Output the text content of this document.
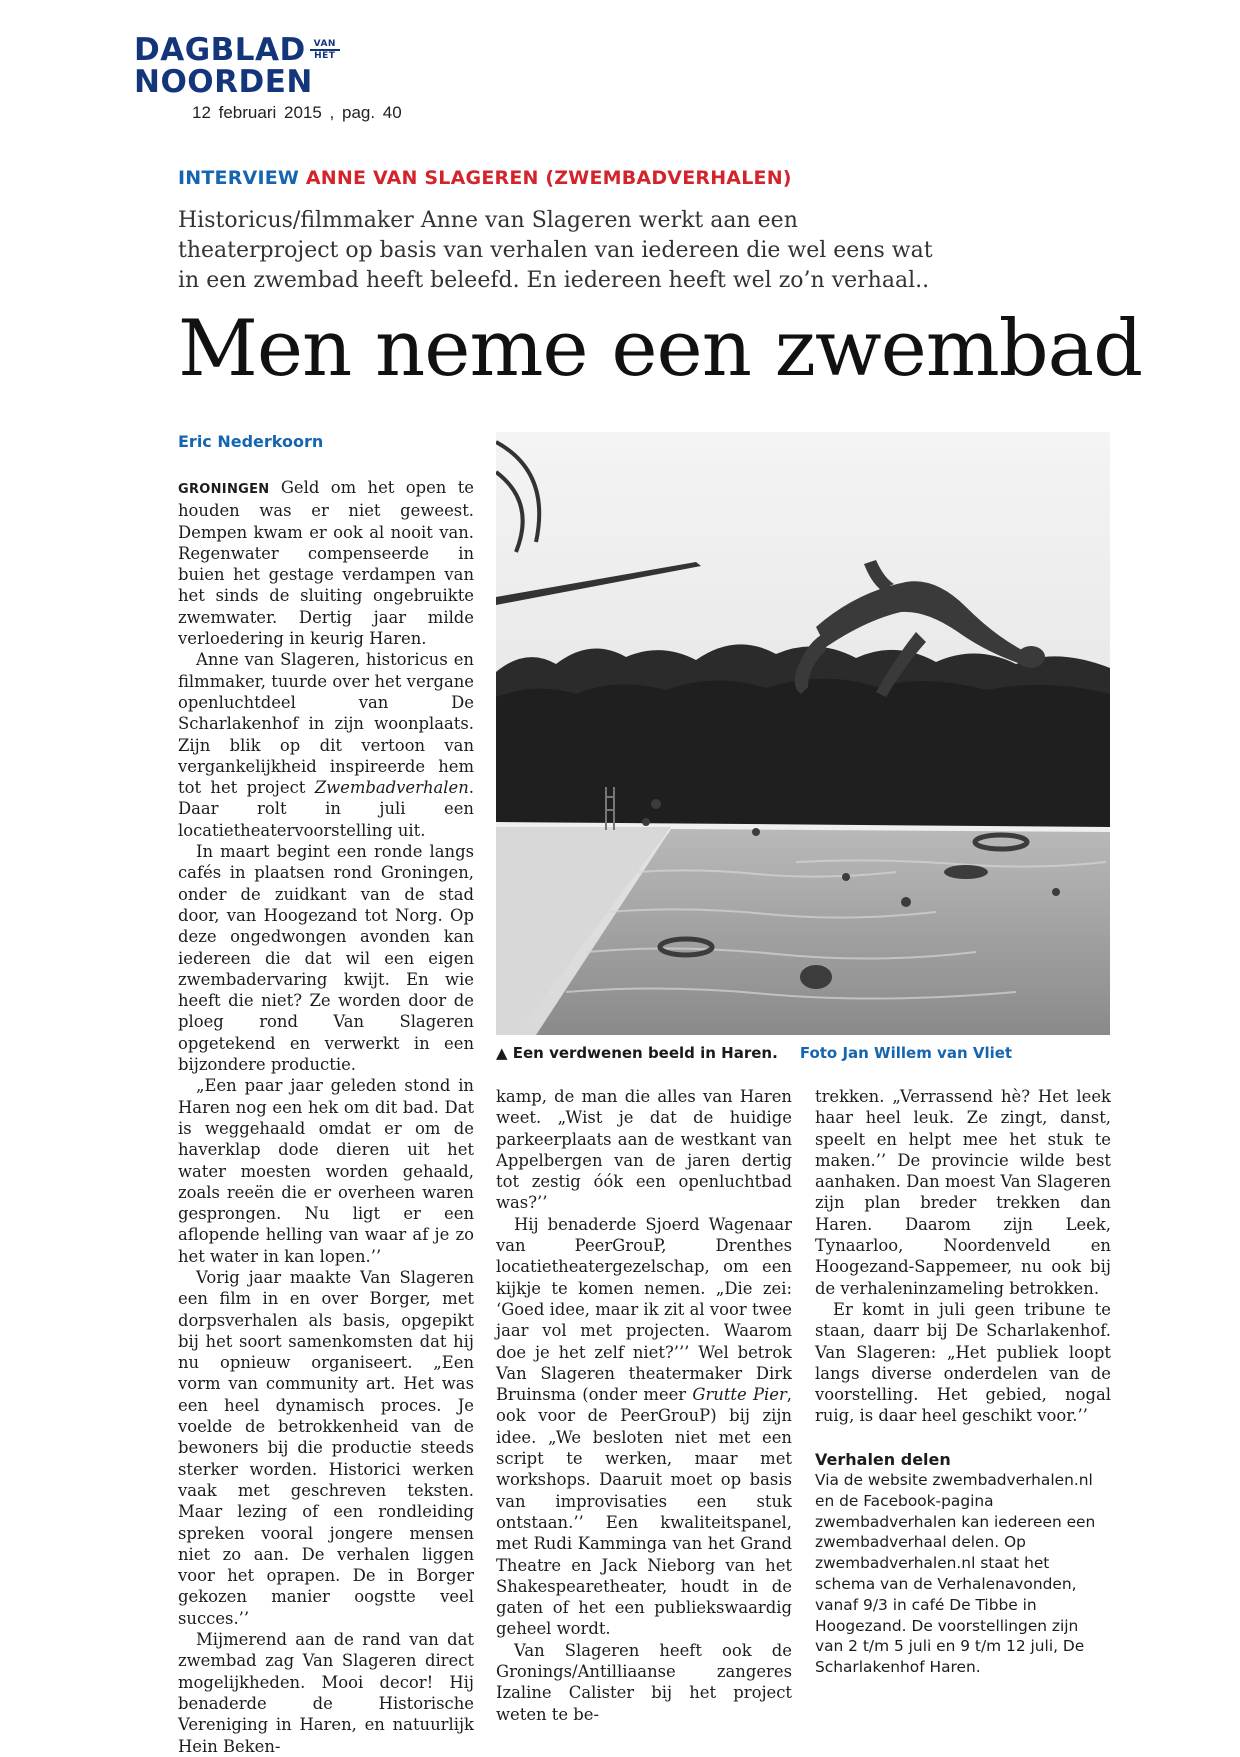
DAGBLAD VAN
HET
NOORDEN
12 februari 2015 , pag. 40
INTERVIEW ANNE VAN SLAGEREN (ZWEMBADVERHALEN)
Historicus/filmmaker Anne van Slageren werkt aan een theaterproject op basis van verhalen van iedereen die wel eens wat in een zwembad heeft beleefd. En iedereen heeft wel zo’n verhaal..
Men neme een zwembad
Eric Nederkoorn

GRONINGEN Geld om het open te houden was er niet geweest. Dempen kwam er ook al nooit van. Regenwater compenseerde in buien het gestage verdampen van het sinds de sluiting ongebruikte zwemwater. Dertig jaar milde verloedering in keurig Haren.

Anne van Slageren, historicus en filmmaker, tuurde over het vergane openluchtdeel van De Scharlakenhof in zijn woonplaats. Zijn blik op dit vertoon van vergankelijkheid inspireerde hem tot het project Zwembadverhalen. Daar rolt in juli een locatietheatervoorstelling uit.

In maart begint een ronde langs cafés in plaatsen rond Groningen, onder de zuidkant van de stad door, van Hoogezand tot Norg. Op deze ongedwongen avonden kan iedereen die dat wil een eigen zwembadervaring kwijt. En wie heeft die niet? Ze worden door de ploeg rond Van Slageren opgetekend en verwerkt in een bijzondere productie.

„Een paar jaar geleden stond in Haren nog een hek om dit bad. Dat is weggehaald omdat er om de haverklap dode dieren uit het water moesten worden gehaald, zoals reeën die er overheen waren gesprongen. Nu ligt er een aflopende helling van waar af je zo het water in kan lopen.’’

Vorig jaar maakte Van Slageren een film in en over Borger, met dorpsverhalen als basis, opgepikt bij het soort samenkomsten dat hij nu opnieuw organiseert. „Een vorm van community art. Het was een heel dynamisch proces. Je voelde de betrokkenheid van de bewoners bij die productie steeds sterker worden. Historici werken vaak met geschreven teksten. Maar lezing of een rondleiding spreken vooral jongere mensen niet zo aan. De verhalen liggen voor het oprapen. De in Borger gekozen manier oogstte veel succes.’’

Mijmerend aan de rand van dat zwembad zag Van Slageren direct mogelijkheden. Mooi decor! Hij benaderde de Historische Vereniging in Haren, en natuurlijk Hein Beken-

▲ Een verdwenen beeld in Haren. Foto Jan Willem van Vliet

kamp, de man die alles van Haren weet. „Wist je dat de huidige parkeerplaats aan de westkant van Appelbergen van de jaren dertig tot zestig óók een openluchtbad was?’’

Hij benaderde Sjoerd Wagenaar van PeerGrouP, Drenthes locatietheatergezelschap, om een kijkje te komen nemen. „Die zei: ‘Goed idee, maar ik zit al voor twee jaar vol met projecten. Waarom doe je het zelf niet?’’’ Wel betrok Van Slageren theatermaker Dirk Bruinsma (onder meer Grutte Pier, ook voor de PeerGrouP) bij zijn idee. „We besloten niet met een script te werken, maar met workshops. Daaruit moet op basis van improvisaties een stuk ontstaan.’’ Een kwaliteitspanel, met Rudi Kamminga van het Grand Theatre en Jack Nieborg van het Shakespearetheater, houdt in de gaten of het een publiekswaardig geheel wordt.

Van Slageren heeft ook de Gronings/Antilliaanse zangeres Izaline Calister bij het project weten te be-

trekken. „Verrassend hè? Het leek haar heel leuk. Ze zingt, danst, speelt en helpt mee het stuk te maken.’’ De provincie wilde best aanhaken. Dan moest Van Slageren zijn plan breder trekken dan Haren. Daarom zijn Leek, Tynaarloo, Noordenveld en Hoogezand-Sappemeer, nu ook bij de verhaleninzameling betrokken.

Er komt in juli geen tribune te staan, daarr bij De Scharlakenhof. Van Slageren: „Het publiek loopt langs diverse onderdelen van de voorstelling. Het gebied, nogal ruig, is daar heel geschikt voor.’’

Verhalen delen
Via de website zwembadverhalen.nl en de Facebook-pagina zwembadverhalen kan iedereen een zwembadverhaal delen. Op zwembadverhalen.nl staat het schema van de Verhalenavonden, vanaf 9/3 in café De Tibbe in Hoogezand. De voorstellingen zijn van 2 t/m 5 juli en 9 t/m 12 juli, De Scharlakenhof Haren.
